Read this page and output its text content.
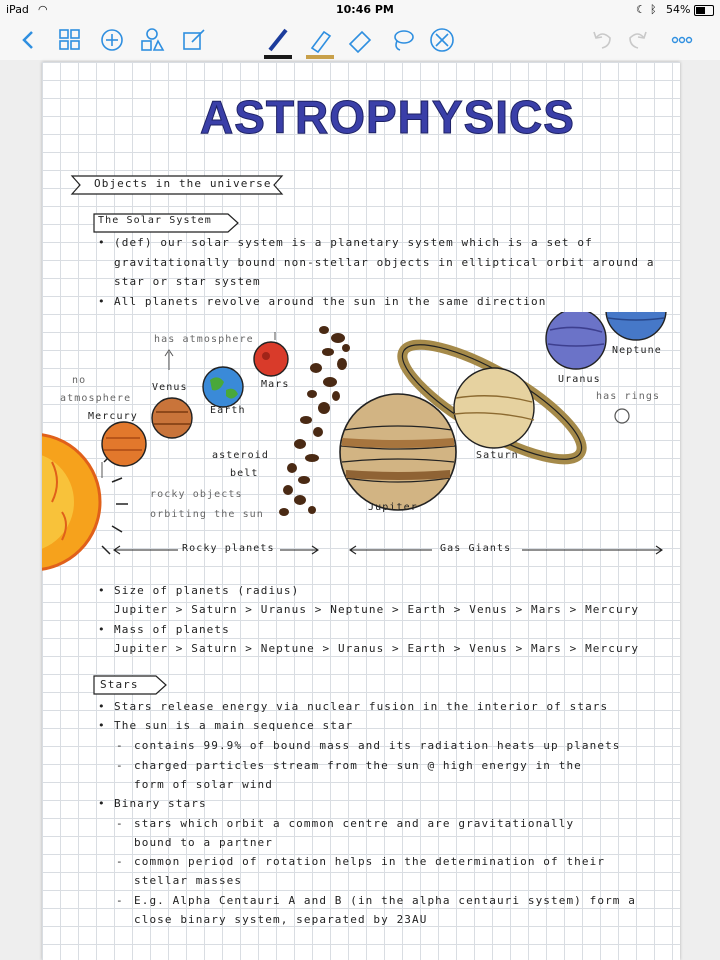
iPad ◠	10:46 PM	☾ ᛒ 54%
ASTROPHYSICS
Objects in the universe
The Solar System
• (def) our solar system is a planetary system which is a set of
gravitationally bound non-stellar objects in elliptical orbit around a
star or star system
• All planets revolve around the sun in the same direction
has atmosphere
no
atmosphere
Mercury
Venus
Earth
Mars
asteroid
belt
rocky objects
orbiting the sun
Jupiter
Saturn
Uranus
Neptune
has rings
Rocky planets	Gas Giants
• Size of planets (radius)
Jupiter > Saturn > Uranus > Neptune > Earth > Venus > Mars > Mercury
• Mass of planets
Jupiter > Saturn > Neptune > Uranus > Earth > Venus > Mars > Mercury
Stars
• Stars release energy via nuclear fusion in the interior of stars
• The sun is a main sequence star
- contains 99.9% of bound mass and its radiation heats up planets
- charged particles stream from the sun @ high energy in the
form of solar wind
• Binary stars
- stars which orbit a common centre and are gravitationally
bound to a partner
- common period of rotation helps in the determination of their
stellar masses
- E.g. Alpha Centauri A and B (in the alpha centauri system) form a
close binary system, separated by 23AU
